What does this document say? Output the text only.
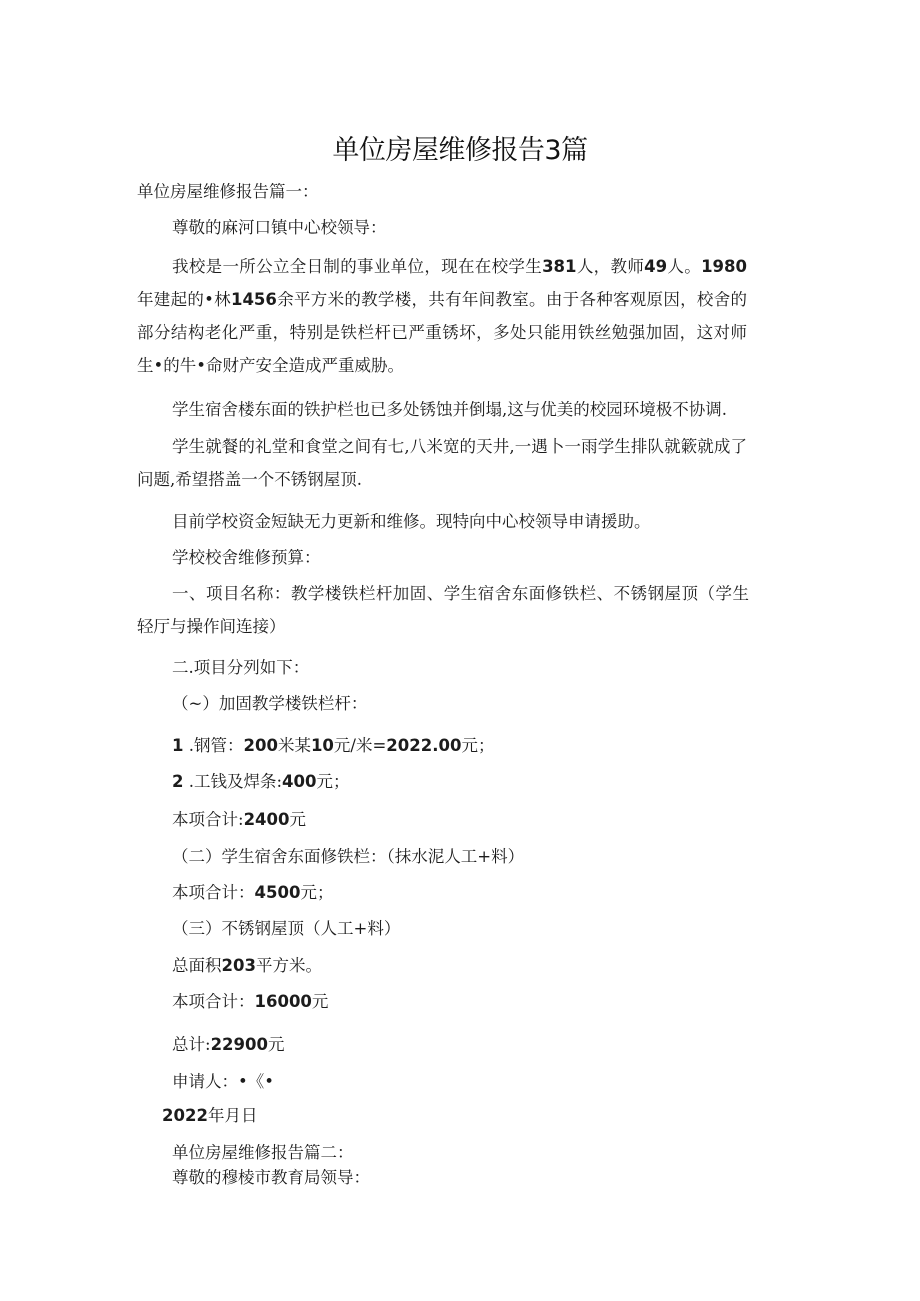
单位房屋维修报告3篇
单位房屋维修报告篇一：
尊敬的麻河口镇中心校领导：
我校是一所公立全日制的事业单位，现在在校学生381人，教师49人。1980年建起的•林1456余平方米的教学楼，共有年间教室。由于各种客观原因，校舍的部分结构老化严重，特别是铁栏杆已严重锈坏，多处只能用铁丝勉强加固，这对师生•的牛•命财产安全造成严重威胁。
学生宿舍楼东面的铁护栏也已多处锈蚀并倒塌,这与优美的校园环境极不协调.
学生就餐的礼堂和食堂之间有七,八米宽的天井,一遇卜一雨学生排队就簌就成了问题,希望搭盖一个不锈钢屋顶.
目前学校资金短缺无力更新和维修。现特向中心校领导申请援助。
学校校舍维修预算：
一、项目名称：教学楼铁栏杆加固、学生宿舍东面修铁栏、不锈钢屋顶（学生轻厅与操作间连接）
二.项目分列如下：
（~）加固教学楼铁栏杆：
1 .钢管：200米某10元/米=2022.00元；
2 .工钱及焊条:400元；
本项合计:2400元
（二）学生宿舍东面修铁栏：（抹水泥人工+料）
本项合计：4500元；
（三）不锈钢屋顶（人工+料）
总面积203平方米。
本项合计：16000元
总计:22900元
申请人：•《•
2022年月日
单位房屋维修报告篇二：
尊敬的穆棱市教育局领导：
